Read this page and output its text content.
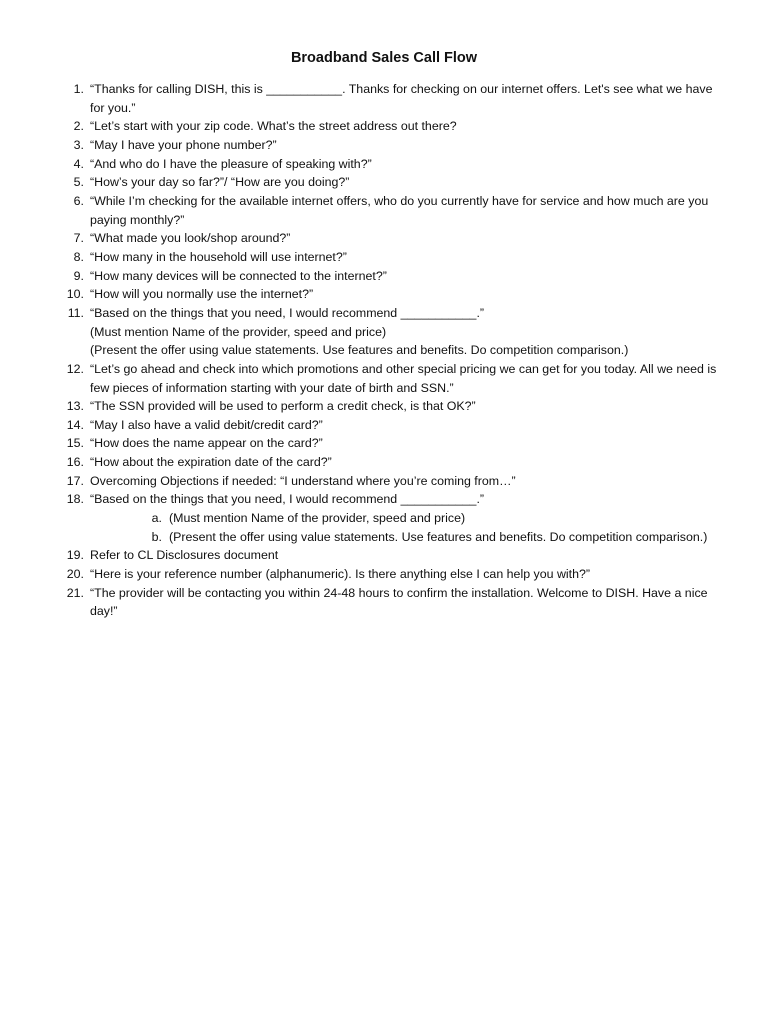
Broadband Sales Call Flow
1. “Thanks for calling DISH, this is ___________. Thanks for checking on our internet offers. Let's see what we have for you.”
2. “Let’s start with your zip code. What’s the street address out there?
3. “May I have your phone number?”
4. “And who do I have the pleasure of speaking with?”
5. “How’s your day so far?”/ “How are you doing?”
6. “While I’m checking for the available internet offers, who do you currently have for service and how much are you paying monthly?”
7. “What made you look/shop around?”
8. “How many in the household will use internet?”
9. “How many devices will be connected to the internet?”
10. “How will you normally use the internet?”
11. “Based on the things that you need, I would recommend ___________.”
(Must mention Name of the provider, speed and price)
(Present the offer using value statements. Use features and benefits. Do competition comparison.)
12. “Let’s go ahead and check into which promotions and other special pricing we can get for you today. All we need is few pieces of information starting with your date of birth and SSN.”
13. “The SSN provided will be used to perform a credit check, is that OK?”
14. “May I also have a valid debit/credit card?”
15. “How does the name appear on the card?”
16. “How about the expiration date of the card?”
17. Overcoming Objections if needed: “I understand where you’re coming from…”
18. “Based on the things that you need, I would recommend ___________.”
a. (Must mention Name of the provider, speed and price)
b. (Present the offer using value statements. Use features and benefits. Do competition comparison.)
19. Refer to CL Disclosures document
20. “Here is your reference number (alphanumeric). Is there anything else I can help you with?”
21. “The provider will be contacting you within 24-48 hours to confirm the installation. Welcome to DISH. Have a nice day!”
